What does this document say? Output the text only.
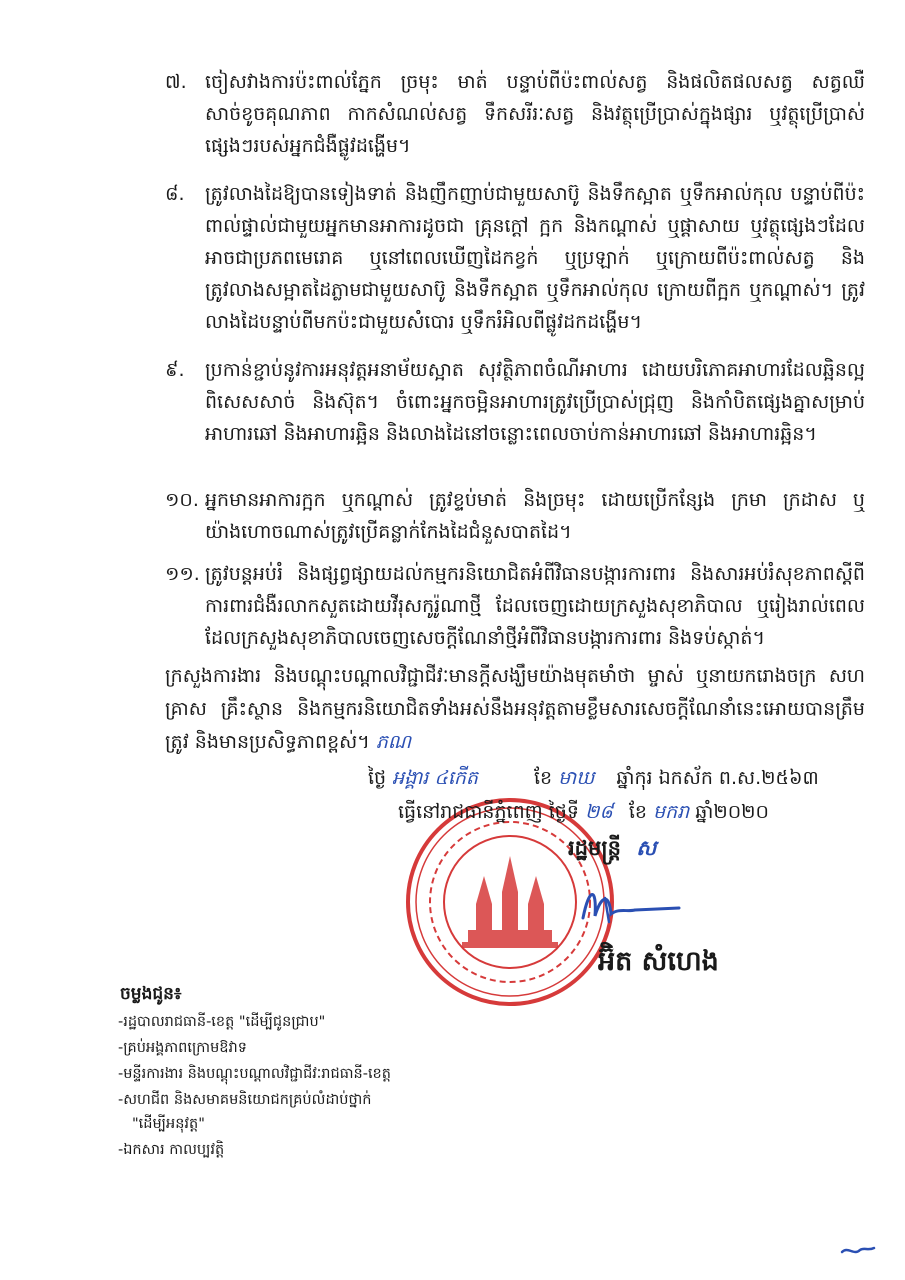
៧. ចៀសវាងការប៉ះពាល់ភ្នែក ច្រមុះ មាត់ បន្ទាប់ពីប៉ះពាល់សត្វ និងផលិតផលសត្វ សត្វឈឺ សាច់ខូចគុណភាព កាកសំណល់សត្វ ទឹកសរីរៈសត្វ និងវត្ថុប្រើប្រាស់ក្នុងផ្សារ ឬវត្ថុប្រើប្រាស់ផ្សេងៗរបស់អ្នកជំងឺផ្លូវដង្ហើម។
៨.	ត្រូវលាងដៃឱ្យបានទៀងទាត់ និងញឹកញាប់ជាមួយសាប៊ូ និងទឹកស្អាត ឬទឹកអាល់កុល បន្ទាប់ពីប៉ះពាល់ផ្ទាល់ជាមួយអ្នកមានអាការដូចជា គ្រុនក្តៅ ក្អក និងកណ្តាស់ ឬផ្តាសាយ ឬវត្ថុផ្សេងៗដែលអាចជាប្រភពមេរោគ ឬនៅពេលឃើញដៃកខ្វក់ ឬប្រឡាក់ ឬក្រោយពីប៉ះពាល់សត្វ និងត្រូវលាងសម្អាតដៃភ្លាមជាមួយសាប៊ូ និងទឹកស្អាត ឬទឹកអាល់កុល ក្រោយពីក្អក ឬកណ្តាស់។ ត្រូវលាងដៃបន្ទាប់ពីមកប៉ះជាមួយសំបោរ ឬទឹករំអិលពីផ្លូវដកដង្ហើម។
៩.	ប្រកាន់ខ្ជាប់នូវការអនុវត្តអនាម័យស្អាត សុវត្ថិភាពចំណីអាហារ ដោយបរិភោគអាហារដែលឆ្អិនល្អ ពិសេសសាច់ និងស៊ុត។ ចំពោះអ្នកចម្អិនអាហារត្រូវប្រើប្រាស់ជ្រុញ និងកាំបិតផ្សេងគ្នាសម្រាប់អាហារឆៅ និងអាហារឆ្អិន និងលាងដៃនៅចន្លោះពេលចាប់កាន់អាហារឆៅ និងអាហារឆ្អិន។
១០. អ្នកមានអាការក្អក ឬកណ្តាស់ ត្រូវខ្ទប់មាត់ និងច្រមុះ ដោយប្រើកន្សែង ក្រមា ក្រដាស ឬយ៉ាងហោចណាស់ត្រូវប្រើគន្លាក់កែងដៃជំនួសបាតដៃ។
១១. ត្រូវបន្តអប់រំ និងផ្សព្វផ្សាយដល់កម្មករនិយោជិតអំពីវិធានបង្ការការពារ និងសារអប់រំសុខភាពស្តីពីការពារជំងឺរលាកសួតដោយវីរុសកូរ៉ូណាថ្មី ដែលចេញដោយក្រសួងសុខាភិបាល ឬរៀងរាល់ពេលដែលក្រសួងសុខាភិបាលចេញសេចក្តីណែនាំថ្មីអំពីវិធានបង្ការការពារ និងទប់ស្កាត់។
ក្រសួងការងារ និងបណ្តុះបណ្តាលវិជ្ជាជីវៈមានក្តីសង្ឃឹមយ៉ាងមុតមាំថា ម្ចាស់ ឬនាយករោងចក្រ សហគ្រាស គ្រឹះស្ថាន និងកម្មករនិយោជិតទាំងអស់នឹងអនុវត្តតាមខ្លឹមសារសេចក្តីណែនាំនេះអោយបានត្រឹមត្រូវ និងមានប្រសិទ្ធភាពខ្ពស់។ ភណ
ថ្ងៃ អង្គារ ៤កើត	ខែ មាឃ ឆ្នាំកុរ ឯកស័ក ព.ស.២៥៦៣
ធ្វើនៅរាជធានីភ្នំពេញ ថ្ងៃទី ២៨ ខែ មករា ឆ្នាំ២០២០
រដ្ឋមន្ត្រី ស
អ៊ិត សំហេង
ចម្លងជូន៖
-រដ្ឋបាលរាជធានី-ខេត្ត "ដើម្បីជូនជ្រាប"
-គ្រប់អង្គភាពក្រោមឱវាទ
-មន្ទីរការងារ និងបណ្តុះបណ្តាលវិជ្ជាជីវៈរាជធានី-ខេត្ត
-សហជីព និងសមាគមនិយោជកគ្រប់លំដាប់ថ្នាក់
"ដើម្បីអនុវត្ត"
-ឯកសារ កាលប្បវត្តិ
